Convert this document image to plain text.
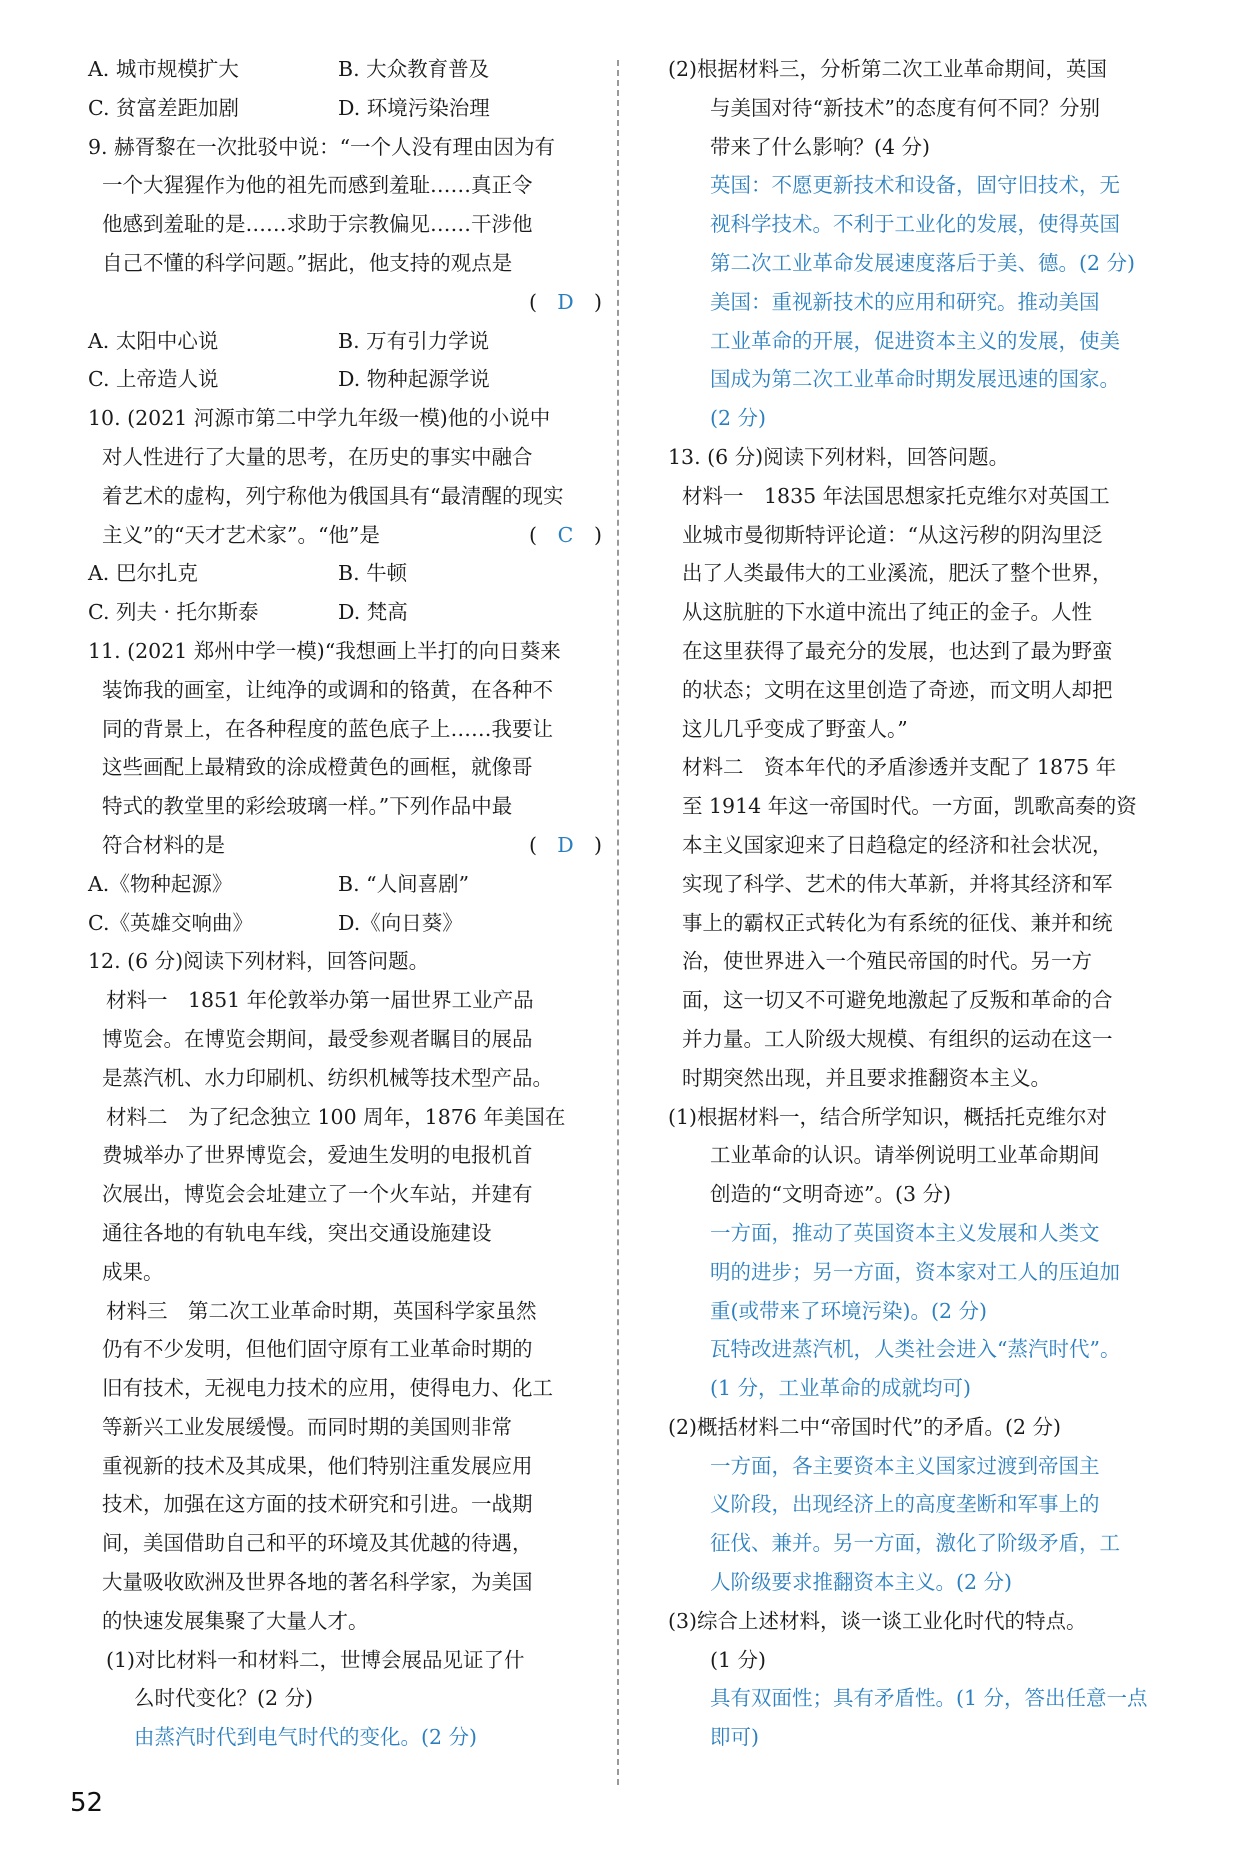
A. 城市规模扩大	B. 大众教育普及
C. 贫富差距加剧	D. 环境污染治理
9. 赫胥黎在一次批驳中说：“一个人没有理由因为有
一个大猩猩作为他的祖先而感到羞耻……真正令
他感到羞耻的是……求助于宗教偏见……干涉他
自己不懂的科学问题。”据此，他支持的观点是
( D )
A. 太阳中心说	B. 万有引力学说
C. 上帝造人说	D. 物种起源学说
10. (2021 河源市第二中学九年级一模)他的小说中
对人性进行了大量的思考，在历史的事实中融合
着艺术的虚构，列宁称他为俄国具有“最清醒的现实
主义”的“天才艺术家”。“他”是	( C )
A. 巴尔扎克	B. 牛顿
C. 列夫 · 托尔斯泰	D. 梵高
11. (2021 郑州中学一模)“我想画上半打的向日葵来
装饰我的画室，让纯净的或调和的铬黄，在各种不
同的背景上，在各种程度的蓝色底子上……我要让
这些画配上最精致的涂成橙黄色的画框，就像哥
特式的教堂里的彩绘玻璃一样。”下列作品中最
符合材料的是	( D )
A.《物种起源》	B. “人间喜剧”
C.《英雄交响曲》	D.《向日葵》
12. (6 分)阅读下列材料，回答问题。
材料一　1851 年伦敦举办第一届世界工业产品
博览会。在博览会期间，最受参观者瞩目的展品
是蒸汽机、水力印刷机、纺织机械等技术型产品。
材料二　为了纪念独立 100 周年，1876 年美国在
费城举办了世界博览会，爱迪生发明的电报机首
次展出，博览会会址建立了一个火车站，并建有
通往各地的有轨电车线，突出交通设施建设
成果。
材料三　第二次工业革命时期，英国科学家虽然
仍有不少发明，但他们固守原有工业革命时期的
旧有技术，无视电力技术的应用，使得电力、化工
等新兴工业发展缓慢。而同时期的美国则非常
重视新的技术及其成果，他们特别注重发展应用
技术，加强在这方面的技术研究和引进。一战期
间，美国借助自己和平的环境及其优越的待遇，
大量吸收欧洲及世界各地的著名科学家，为美国
的快速发展集聚了大量人才。
(1)对比材料一和材料二，世博会展品见证了什
么时代变化？(2 分)
由蒸汽时代到电气时代的变化。(2 分)
(2)根据材料三，分析第二次工业革命期间，英国
与美国对待“新技术”的态度有何不同？分别
带来了什么影响？(4 分)
英国：不愿更新技术和设备，固守旧技术，无
视科学技术。不利于工业化的发展，使得英国
第二次工业革命发展速度落后于美、德。(2 分)
美国：重视新技术的应用和研究。推动美国
工业革命的开展，促进资本主义的发展，使美
国成为第二次工业革命时期发展迅速的国家。
(2 分)
13. (6 分)阅读下列材料，回答问题。
材料一　1835 年法国思想家托克维尔对英国工
业城市曼彻斯特评论道：“从这污秽的阴沟里泛
出了人类最伟大的工业溪流，肥沃了整个世界，
从这肮脏的下水道中流出了纯正的金子。人性
在这里获得了最充分的发展，也达到了最为野蛮
的状态；文明在这里创造了奇迹，而文明人却把
这儿几乎变成了野蛮人。”
材料二　资本年代的矛盾渗透并支配了 1875 年
至 1914 年这一帝国时代。一方面，凯歌高奏的资
本主义国家迎来了日趋稳定的经济和社会状况，
实现了科学、艺术的伟大革新，并将其经济和军
事上的霸权正式转化为有系统的征伐、兼并和统
治，使世界进入一个殖民帝国的时代。另一方
面，这一切又不可避免地激起了反叛和革命的合
并力量。工人阶级大规模、有组织的运动在这一
时期突然出现，并且要求推翻资本主义。
(1)根据材料一，结合所学知识，概括托克维尔对
工业革命的认识。请举例说明工业革命期间
创造的“文明奇迹”。(3 分)
一方面，推动了英国资本主义发展和人类文
明的进步；另一方面，资本家对工人的压迫加
重(或带来了环境污染)。(2 分)
瓦特改进蒸汽机，人类社会进入“蒸汽时代”。
(1 分，工业革命的成就均可)
(2)概括材料二中“帝国时代”的矛盾。(2 分)
一方面，各主要资本主义国家过渡到帝国主
义阶段，出现经济上的高度垄断和军事上的
征伐、兼并。另一方面，激化了阶级矛盾，工
人阶级要求推翻资本主义。(2 分)
(3)综合上述材料，谈一谈工业化时代的特点。
(1 分)
具有双面性；具有矛盾性。(1 分，答出任意一点
即可)
52
